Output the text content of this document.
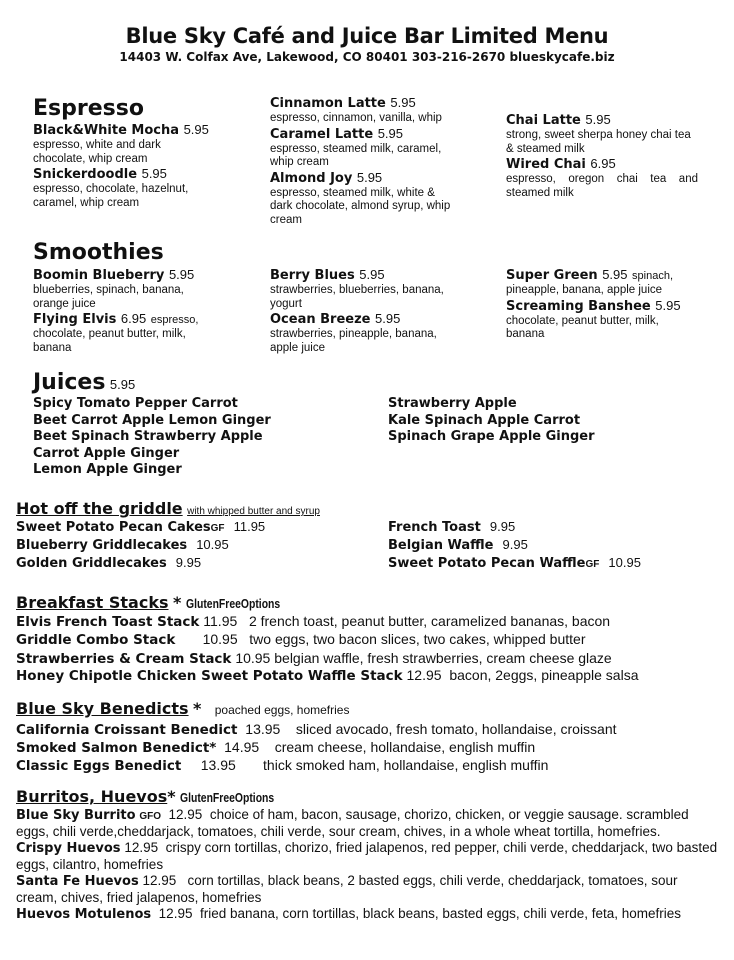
Blue Sky Café and Juice Bar Limited Menu
14403 W. Colfax Ave, Lakewood, CO 80401 303-216-2670 blueskycafe.biz
Espresso
Black&White Mocha 5.95
espresso, white and dark chocolate, whip cream
Snickerdoodle 5.95
espresso, chocolate, hazelnut, caramel, whip cream
Cinnamon Latte 5.95
espresso, cinnamon, vanilla, whip
Caramel Latte 5.95
espresso, steamed milk, caramel, whip cream
Almond Joy 5.95
espresso, steamed milk, white & dark chocolate, almond syrup, whip cream
Chai Latte 5.95
strong, sweet sherpa honey chai tea & steamed milk
Wired Chai 6.95
espresso, oregon chai tea and steamed milk
Smoothies
Boomin Blueberry 5.95
blueberries, spinach, banana, orange juice
Flying Elvis 6.95 espresso,
chocolate, peanut butter, milk, banana
Berry Blues 5.95
strawberries, blueberries, banana, yogurt
Ocean Breeze 5.95
strawberries, pineapple, banana, apple juice
Super Green 5.95 spinach,
pineapple, banana, apple juice
Screaming Banshee 5.95
chocolate, peanut butter, milk, banana
Juices 5.95
Spicy Tomato Pepper Carrot
Beet Carrot Apple Lemon Ginger
Beet Spinach Strawberry Apple
Carrot Apple Ginger
Lemon Apple Ginger
Strawberry Apple
Kale Spinach Apple Carrot
Spinach Grape Apple Ginger
Hot off the griddle with whipped butter and syrup
Sweet Potato Pecan CakesGF 11.95
Blueberry Griddlecakes 10.95
Golden Griddlecakes 9.95
French Toast 9.95
Belgian Waffle 9.95
Sweet Potato Pecan WaffleGF 10.95
Breakfast Stacks * GlutenFreeOptions
Elvis French Toast Stack 11.95 2 french toast, peanut butter, caramelized bananas, bacon
Griddle Combo Stack 10.95 two eggs, two bacon slices, two cakes, whipped butter
Strawberries & Cream Stack 10.95 belgian waffle, fresh strawberries, cream cheese glaze
Honey Chipotle Chicken Sweet Potato Waffle Stack 12.95 bacon, 2eggs, pineapple salsa
Blue Sky Benedicts * poached eggs, homefries
California Croissant Benedict 13.95 sliced avocado, fresh tomato, hollandaise, croissant
Smoked Salmon Benedict* 14.95 cream cheese, hollandaise, english muffin
Classic Eggs Benedict 13.95 thick smoked ham, hollandaise, english muffin
Burritos, Huevos* GlutenFreeOptions
Blue Sky Burrito GFO 12.95 choice of ham, bacon, sausage, chorizo, chicken, or veggie sausage. scrambled eggs, chili verde,cheddarjack, tomatoes, chili verde, sour cream, chives, in a whole wheat tortilla, homefries.
Crispy Huevos 12.95 crispy corn tortillas, chorizo, fried jalapenos, red pepper, chili verde, cheddarjack, two basted eggs, cilantro, homefries
Santa Fe Huevos 12.95 corn tortillas, black beans, 2 basted eggs, chili verde, cheddarjack, tomatoes, sour cream, chives, fried jalapenos, homefries
Huevos Motulenos 12.95 fried banana, corn tortillas, black beans, basted eggs, chili verde, feta, homefries
